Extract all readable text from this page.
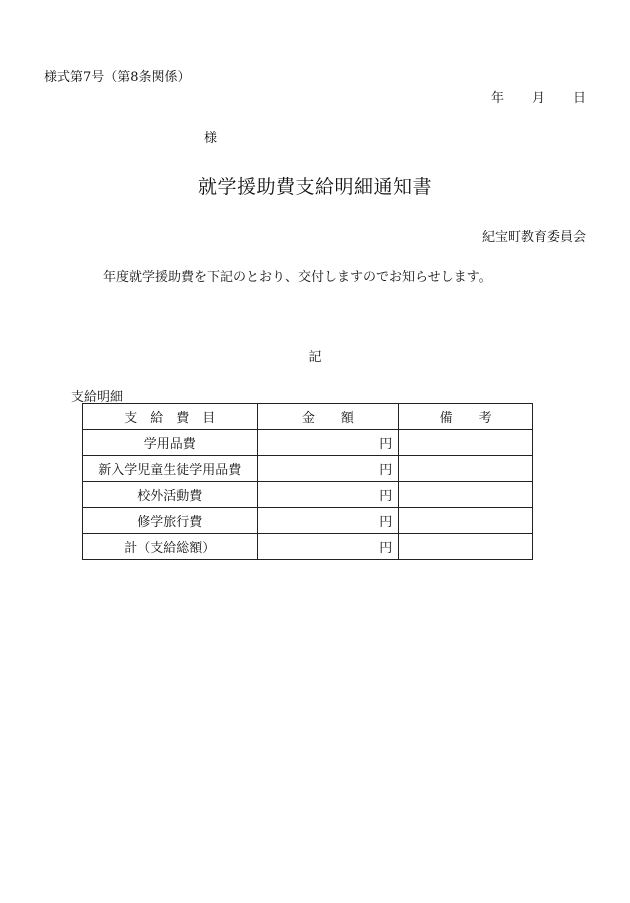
様式第7号（第8条関係）
年 月 日
様
就学援助費支給明細通知書
紀宝町教育委員会
年度就学援助費を下記のとおり、交付しますのでお知らせします。
記
支給明細
支　給　費　目	金　　額	備　　考
学用品費	円	
新入学児童生徒学用品費	円	
校外活動費	円	
修学旅行費	円	
計（支給総額）	円	
